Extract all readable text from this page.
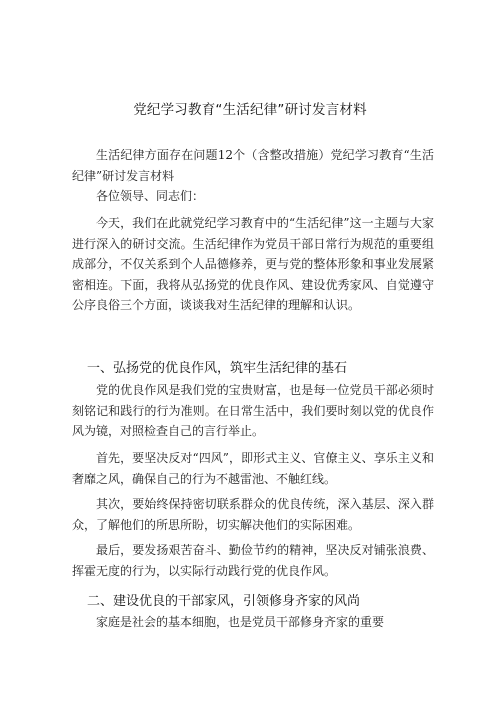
党纪学习教育“生活纪律”研讨发言材料
生活纪律方面存在问题12个（含整改措施）党纪学习教育“生活纪律”研讨发言材料
各位领导、同志们：
今天，我们在此就党纪学习教育中的“生活纪律”这一主题与大家进行深入的研讨交流。生活纪律作为党员干部日常行为规范的重要组成部分，不仅关系到个人品德修养，更与党的整体形象和事业发展紧密相连。下面，我将从弘扬党的优良作风、建设优秀家风、自觉遵守公序良俗三个方面，谈谈我对生活纪律的理解和认识。
一、弘扬党的优良作风，筑牢生活纪律的基石
党的优良作风是我们党的宝贵财富，也是每一位党员干部必须时刻铭记和践行的行为准则。在日常生活中，我们要时刻以党的优良作风为镜，对照检查自己的言行举止。
首先，要坚决反对“四风”，即形式主义、官僚主义、享乐主义和奢靡之风，确保自己的行为不越雷池、不触红线。
其次，要始终保持密切联系群众的优良传统，深入基层、深入群众，了解他们的所思所盼，切实解决他们的实际困难。
最后，要发扬艰苦奋斗、勤俭节约的精神，坚决反对铺张浪费、挥霍无度的行为，以实际行动践行党的优良作风。
二、建设优良的干部家风，引领修身齐家的风尚
家庭是社会的基本细胞，也是党员干部修身齐家的重要
